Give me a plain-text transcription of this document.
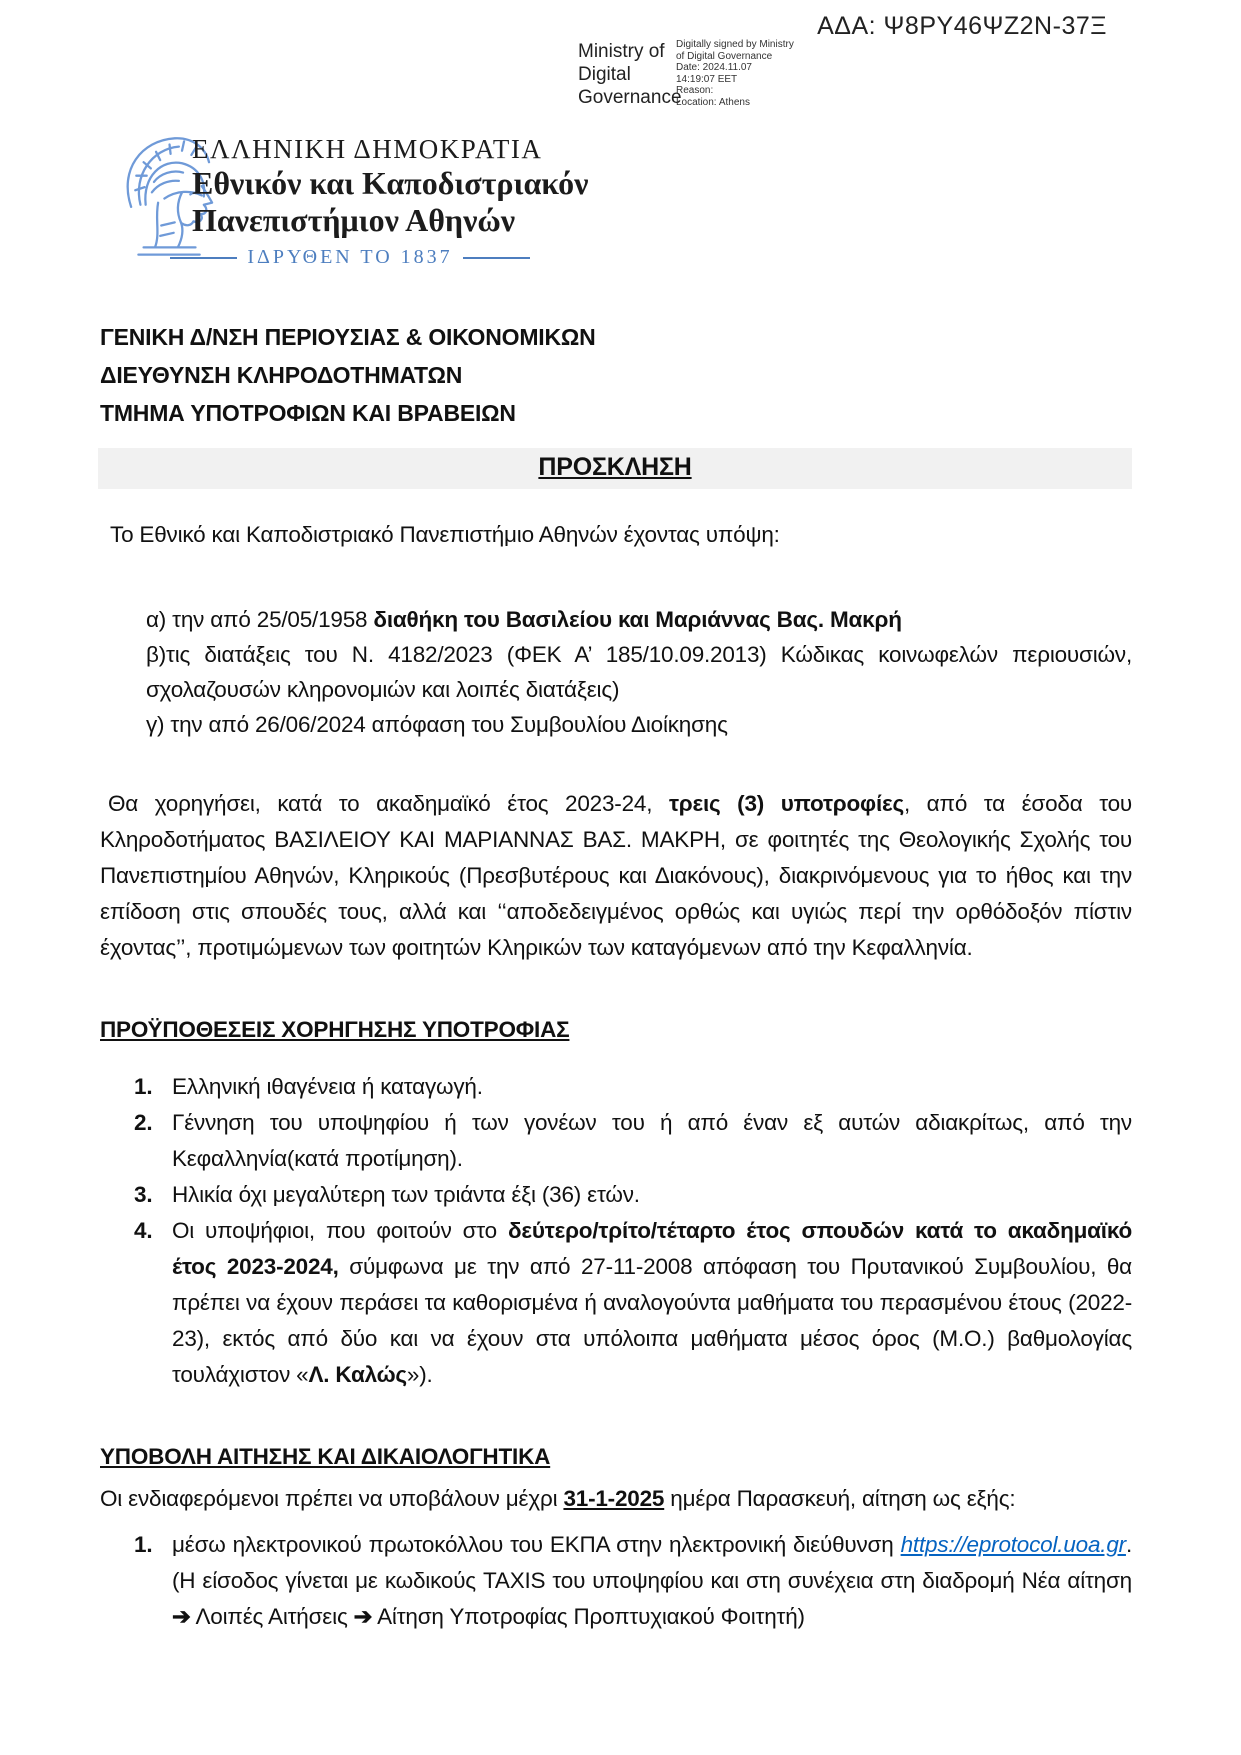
ΑΔΑ: Ψ8ΡΥ46ΨΖ2Ν-37Ξ
Ministry of
Digital
Governance
Digitally signed by Ministry
of Digital Governance
Date: 2024.11.07
14:19:07 EET
Reason:
Location: Athens
ΕΛΛΗΝΙΚΗ ΔΗΜΟΚΡΑΤΙΑ
Εθνικόν και Καποδιστριακόν
Πανεπιστήμιον Αθηνών
ΙΔΡΥΘΕΝ ΤΟ 1837
ΓΕΝΙΚΗ Δ/ΝΣΗ ΠΕΡΙΟΥΣΙΑΣ & ΟΙΚΟΝΟΜΙΚΩΝ
ΔΙΕΥΘΥΝΣΗ ΚΛΗΡΟΔΟΤΗΜΑΤΩΝ
ΤΜΗΜΑ ΥΠΟΤΡΟΦΙΩΝ ΚΑΙ ΒΡΑΒΕΙΩΝ
ΠΡΟΣΚΛΗΣΗ
Το Εθνικό και Καποδιστριακό Πανεπιστήμιο Αθηνών έχοντας υπόψη:
α) την από 25/05/1958 διαθήκη του Βασιλείου και Μαριάννας Βας. Μακρή
β)τις διατάξεις του Ν. 4182/2023 (ΦΕΚ Α’ 185/10.09.2013) Κώδικας κοινωφελών περιουσιών, σχολαζουσών κληρονομιών και λοιπές διατάξεις)
γ) την από 26/06/2024 απόφαση του Συμβουλίου Διοίκησης
Θα χορηγήσει, κατά το ακαδημαϊκό έτος 2023-24, τρεις (3) υποτροφίες, από τα έσοδα του Κληροδοτήματος ΒΑΣΙΛΕΙΟΥ ΚΑΙ ΜΑΡΙΑΝΝΑΣ ΒΑΣ. ΜΑΚΡΗ, σε φοιτητές της Θεολογικής Σχολής του Πανεπιστημίου Αθηνών, Κληρικούς (Πρεσβυτέρους και Διακόνους), διακρινόμενους για το ήθος και την επίδοση στις σπουδές τους, αλλά και ‘‘αποδεδειγμένος ορθώς και υγιώς περί την ορθόδοξόν πίστιν έχοντας’’, προτιμώμενων των φοιτητών Κληρικών των καταγόμενων από την Κεφαλληνία.
ΠΡΟΫΠΟΘΕΣΕΙΣ ΧΟΡΗΓΗΣΗΣ ΥΠΟΤΡΟΦΙΑΣ
1. Ελληνική ιθαγένεια ή καταγωγή.
2. Γέννηση του υποψηφίου ή των γονέων του ή από έναν εξ αυτών αδιακρίτως, από την Κεφαλληνία(κατά προτίμηση).
3. Ηλικία όχι μεγαλύτερη των τριάντα έξι (36) ετών.
4. Οι υποψήφιοι, που φοιτούν στο δεύτερο/τρίτο/τέταρτο έτος σπουδών κατά το ακαδημαϊκό έτος 2023-2024, σύμφωνα με την από 27-11-2008 απόφαση του Πρυτανικού Συμβουλίου, θα πρέπει να έχουν περάσει τα καθορισμένα ή αναλογούντα μαθήματα του περασμένου έτους (2022-23), εκτός από δύο και να έχουν στα υπόλοιπα μαθήματα μέσος όρος (Μ.Ο.) βαθμολογίας τουλάχιστον «Λ. Καλώς»).
ΥΠΟΒΟΛΗ ΑΙΤΗΣΗΣ ΚΑΙ ΔΙΚΑΙΟΛΟΓΗΤΙΚΑ
Οι ενδιαφερόμενοι πρέπει να υποβάλουν μέχρι 31-1-2025 ημέρα Παρασκευή, αίτηση ως εξής:
1. μέσω ηλεκτρονικού πρωτοκόλλου του ΕΚΠΑ στην ηλεκτρονική διεύθυνση https://eprotocol.uoa.gr. (Η είσοδος γίνεται με κωδικούς TAXIS του υποψηφίου και στη συνέχεια στη διαδρομή Νέα αίτηση ➔ Λοιπές Αιτήσεις ➔ Αίτηση Υποτροφίας Προπτυχιακού Φοιτητή)
